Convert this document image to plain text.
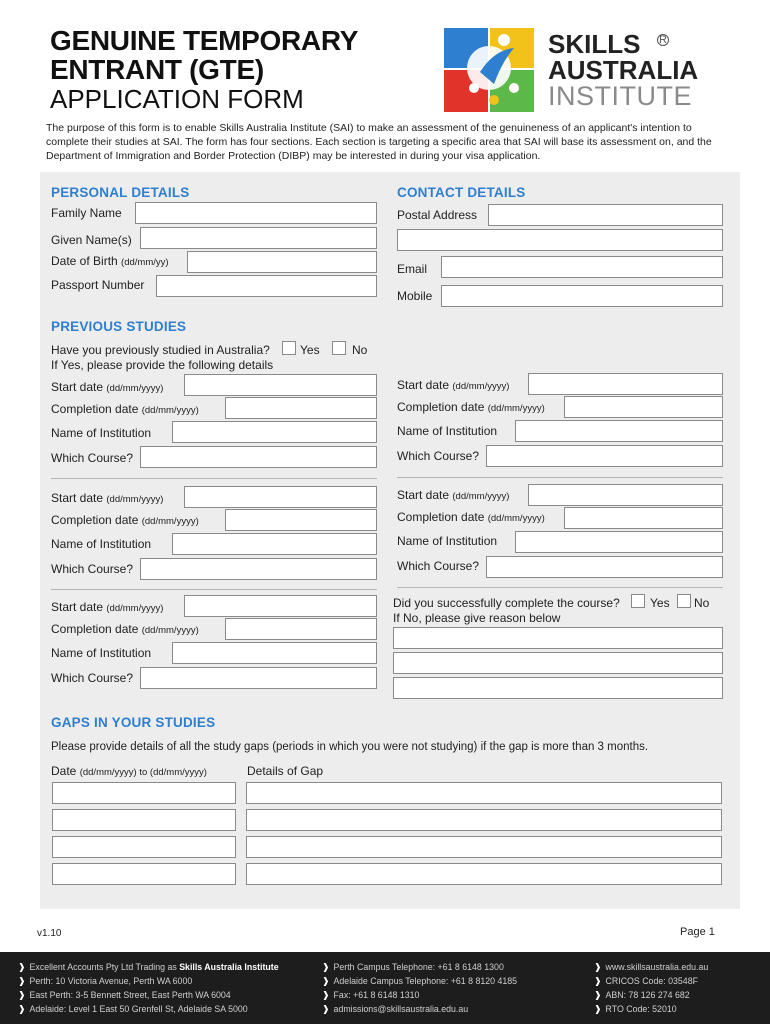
GENUINE TEMPORARY
ENTRANT (GTE)
APPLICATION FORM
SKILLS R
AUSTRALIA
INSTITUTE
The purpose of this form is to enable Skills Australia Institute (SAI) to make an assessment of the genuineness of an applicant's intention to complete their studies at SAI. The form has four sections. Each section is targeting a specific area that SAI will base its assessment on, and the Department of Immigration and Border Protection (DIBP) may be interested in during your visa application.
PERSONAL DETAILS
Family Name
Given Name(s)
Date of Birth (dd/mm/yy)
Passport Number
CONTACT DETAILS
Postal Address
Email
Mobile
PREVIOUS STUDIES
Have you previously studied in Australia?	Yes	No
If Yes, please provide the following details
Start date (dd/mm/yyyy)
Completion date (dd/mm/yyyy)
Name of Institution
Which Course?
Start date (dd/mm/yyyy)
Completion date (dd/mm/yyyy)
Name of Institution
Which Course?
Start date (dd/mm/yyyy)
Completion date (dd/mm/yyyy)
Name of Institution
Which Course?
Start date (dd/mm/yyyy)
Completion date (dd/mm/yyyy)
Name of Institution
Which Course?
Start date (dd/mm/yyyy)
Completion date (dd/mm/yyyy)
Name of Institution
Which Course?
Did you successfully complete the course?	Yes No
If No, please give reason below
GAPS IN YOUR STUDIES
Please provide details of all the study gaps (periods in which you were not studying) if the gap is more than 3 months.
Date (dd/mm/yyyy) to (dd/mm/yyyy)	Details of Gap
v1.10	Page 1
❱ Excellent Accounts Pty Ltd Trading as Skills Australia Institute
❱ Perth: 10 Victoria Avenue, Perth WA 6000
❱ East Perth: 3-5 Bennett Street, East Perth WA 6004
❱ Adelaide: Level 1 East 50 Grenfell St, Adelaide SA 5000
❱ Perth Campus Telephone: +61 8 6148 1300
❱ Adelaide Campus Telephone: +61 8 8120 4185
❱ Fax: +61 8 6148 1310
❱ admissions@skillsaustralia.edu.au
❱ www.skillsaustralia.edu.au
❱ CRICOS Code: 03548F
❱ ABN: 78 126 274 682
❱ RTO Code: 52010
